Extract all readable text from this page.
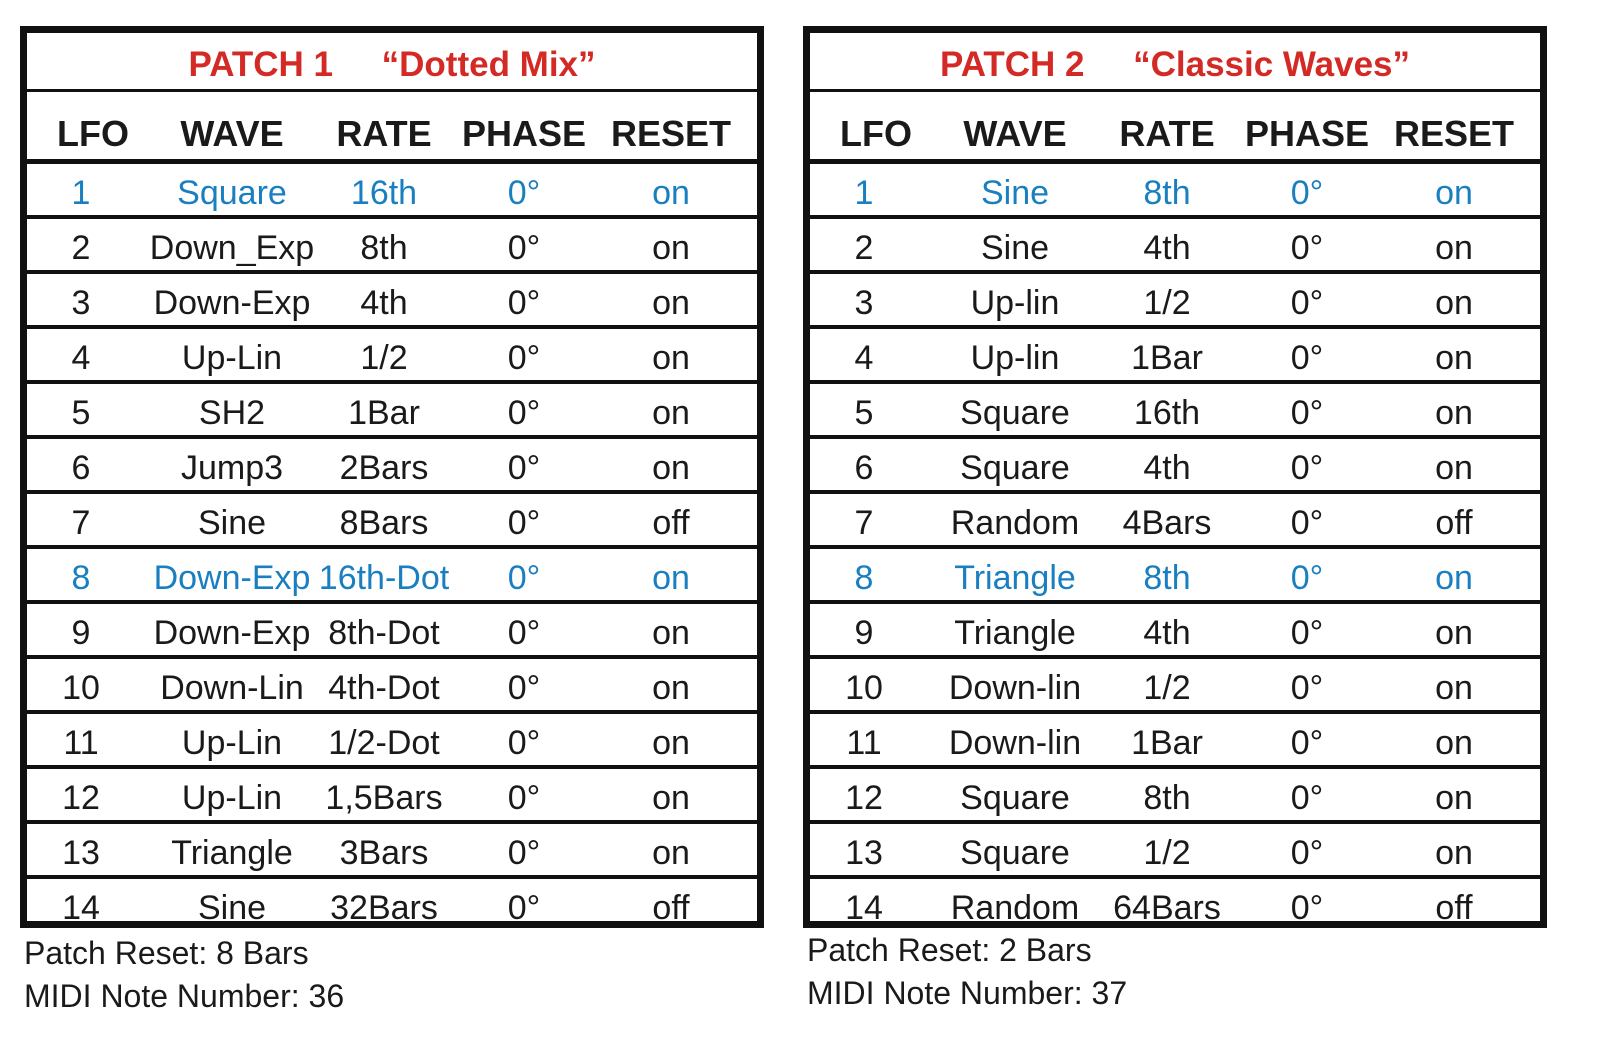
PATCH 1     “Dotted Mix”
LFO WAVE RATE PHASE RESET
1	Square 16th	0°	on
2 Down_Exp 8th	0°	on
3 Down-Exp 4th	0°	on
4	Up-Lin 1/2	0°	on
5	SH2 1Bar	0°	on
6	Jump3 2Bars 0°	on
7	Sine 8Bars 0°	off
8 Down-Exp 16th-Dot 0°	on
9 Down-Exp 8th-Dot 0°	on
10 Down-Lin 4th-Dot 0°	on
11 Up-Lin 1/2-Dot 0°	on
12 Up-Lin 1,5Bars 0°	on
13 Triangle 3Bars 0°	on
14	Sine 32Bars 0°	off
Patch Reset: 8 Bars
MIDI Note Number: 36
PATCH 2     “Classic Waves”
LFO WAVE RATE PHASE RESET
1	Sine	8th	0°	on
2	Sine	4th	0°	on
3	Up-lin 1/2	0°	on
4	Up-lin 1Bar	0°	on
5	Square 16th	0°	on
6	Square 4th	0°	on
7 Random 4Bars 0°	off
8 Triangle 8th	0°	on
9 Triangle 4th	0°	on
10 Down-lin 1/2	0°	on
11 Down-lin 1Bar	0°	on
12 Square 8th	0°	on
13 Square 1/2	0°	on
14 Random 64Bars 0°	off
Patch Reset: 2 Bars
MIDI Note Number: 37
